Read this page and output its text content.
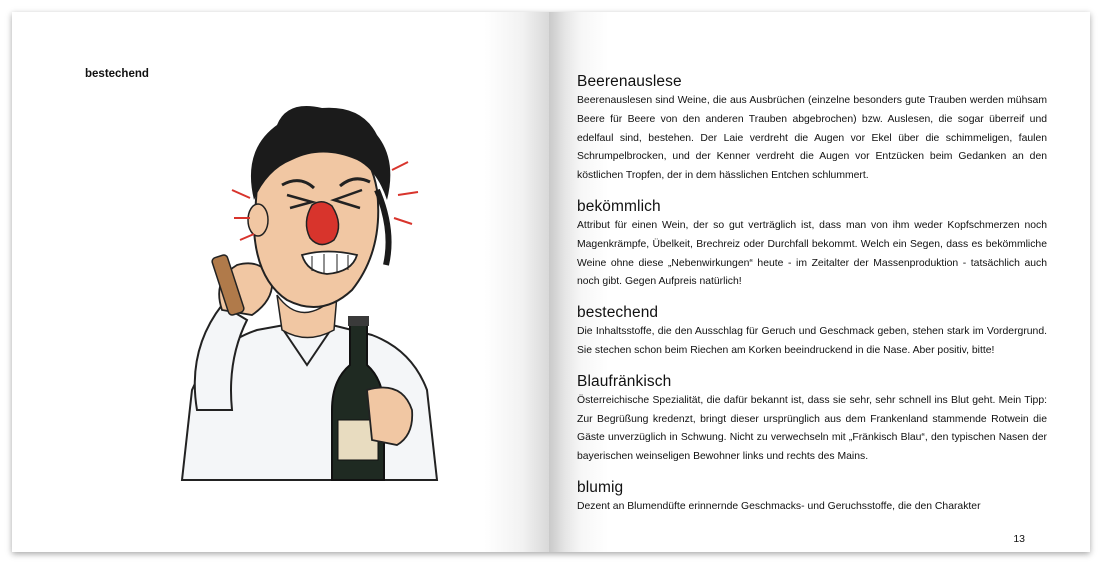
bestechend	Beerenauslese

Beerenauslesen sind Weine, die aus Ausbrüchen (einzelne besonders gute Trauben werden mühsam Beere für Beere von den anderen Trauben abgebrochen) bzw. Auslesen, die sogar überreif und edelfaul sind, bestehen. Der Laie verdreht die Augen vor Ekel über die schimmeligen, faulen Schrumpelbrocken, und der Kenner verdreht die Augen vor Entzücken beim Gedanken an den köstlichen Tropfen, der in dem hässlichen Entchen schlummert.

bekömmlich

Attribut für einen Wein, der so gut verträglich ist, dass man von ihm weder Kopfschmerzen noch Magenkrämpfe, Übelkeit, Brechreiz oder Durchfall bekommt. Welch ein Segen, dass es bekömmliche Weine ohne diese „Nebenwirkungen“ heute - im Zeitalter der Massenproduktion - tatsächlich auch noch gibt. Gegen Aufpreis natürlich!

bestechend

Die Inhaltsstoffe, die den Ausschlag für Geruch und Geschmack geben, stehen stark im Vordergrund. Sie stechen schon beim Riechen am Korken beeindruckend in die Nase. Aber positiv, bitte!

Blaufränkisch

Österreichische Spezialität, die dafür bekannt ist, dass sie sehr, sehr schnell ins Blut geht. Mein Tipp: Zur Begrüßung kredenzt, bringt dieser ursprünglich aus dem Frankenland stammende Rotwein die Gäste unverzüglich in Schwung. Nicht zu verwechseln mit „Fränkisch Blau“, den typischen Nasen der bayerischen weinseligen Bewohner links und rechts des Mains.

blumig

Dezent an Blumendüfte erinnernde Geschmacks- und Geruchsstoffe, die den Charakter

13
